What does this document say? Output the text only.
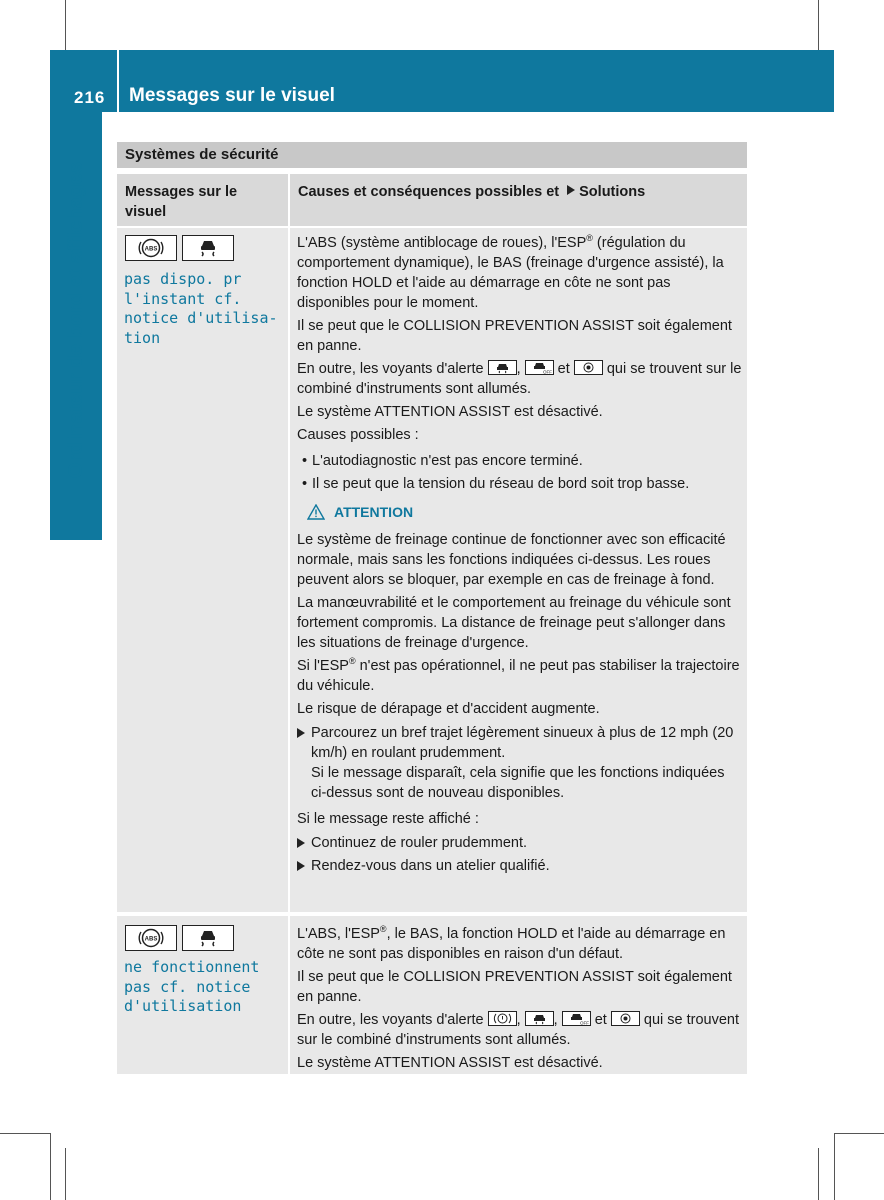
216 Messages sur le visuel
Ordinateur de bord et affichages
Systèmes de sécurité
Messages sur le visuel
Causes et conséquences possibles et Solutions
ABS
pas dispo. pr
l'instant cf.
notice d'utilisa-
tion

L'ABS (système antiblocage de roues), l'ESP® (régulation du comportement dynamique), le BAS (freinage d'urgence assisté), la fonction HOLD et l'aide au démarrage en côte ne sont pas disponibles pour le moment.

Il se peut que le COLLISION PREVENTION ASSIST soit également en panne.

En outre, les voyants d'alerte ,	OFF et	qui se trouvent sur le combiné d'instruments sont allumés.

Le système ATTENTION ASSIST est désactivé.

Causes possibles :

• L'autodiagnostic n'est pas encore terminé.
• Il se peut que la tension du réseau de bord soit trop basse.
ATTENTION

Le système de freinage continue de fonctionner avec son efficacité normale, mais sans les fonctions indiquées ci-dessus. Les roues peuvent alors se bloquer, par exemple en cas de freinage à fond.

La manœuvrabilité et le comportement au freinage du véhicule sont fortement compromis. La distance de freinage peut s'allonger dans les situations de freinage d'urgence.

Si l'ESP® n'est pas opérationnel, il ne peut pas stabiliser la trajectoire du véhicule.

Le risque de dérapage et d'accident augmente.

Parcourez un bref trajet légèrement sinueux à plus de 12 mph (20 km/h) en roulant prudemment.
Si le message disparaît, cela signifie que les fonctions indiquées ci-dessus sont de nouveau disponibles.

Si le message reste affiché :

Continuez de rouler prudemment.
Rendez-vous dans un atelier qualifié.
ABS
ne fonctionnent
pas cf. notice
d'utilisation

L'ABS, l'ESP®, le BAS, la fonction HOLD et l'aide au démarrage en côte ne sont pas disponibles en raison d'un défaut.

Il se peut que le COLLISION PREVENTION ASSIST soit également en panne.

En outre, les voyants d'alerte , ,	OFF et	qui se trouvent sur le combiné d'instruments sont allumés.

Le système ATTENTION ASSIST est désactivé.
